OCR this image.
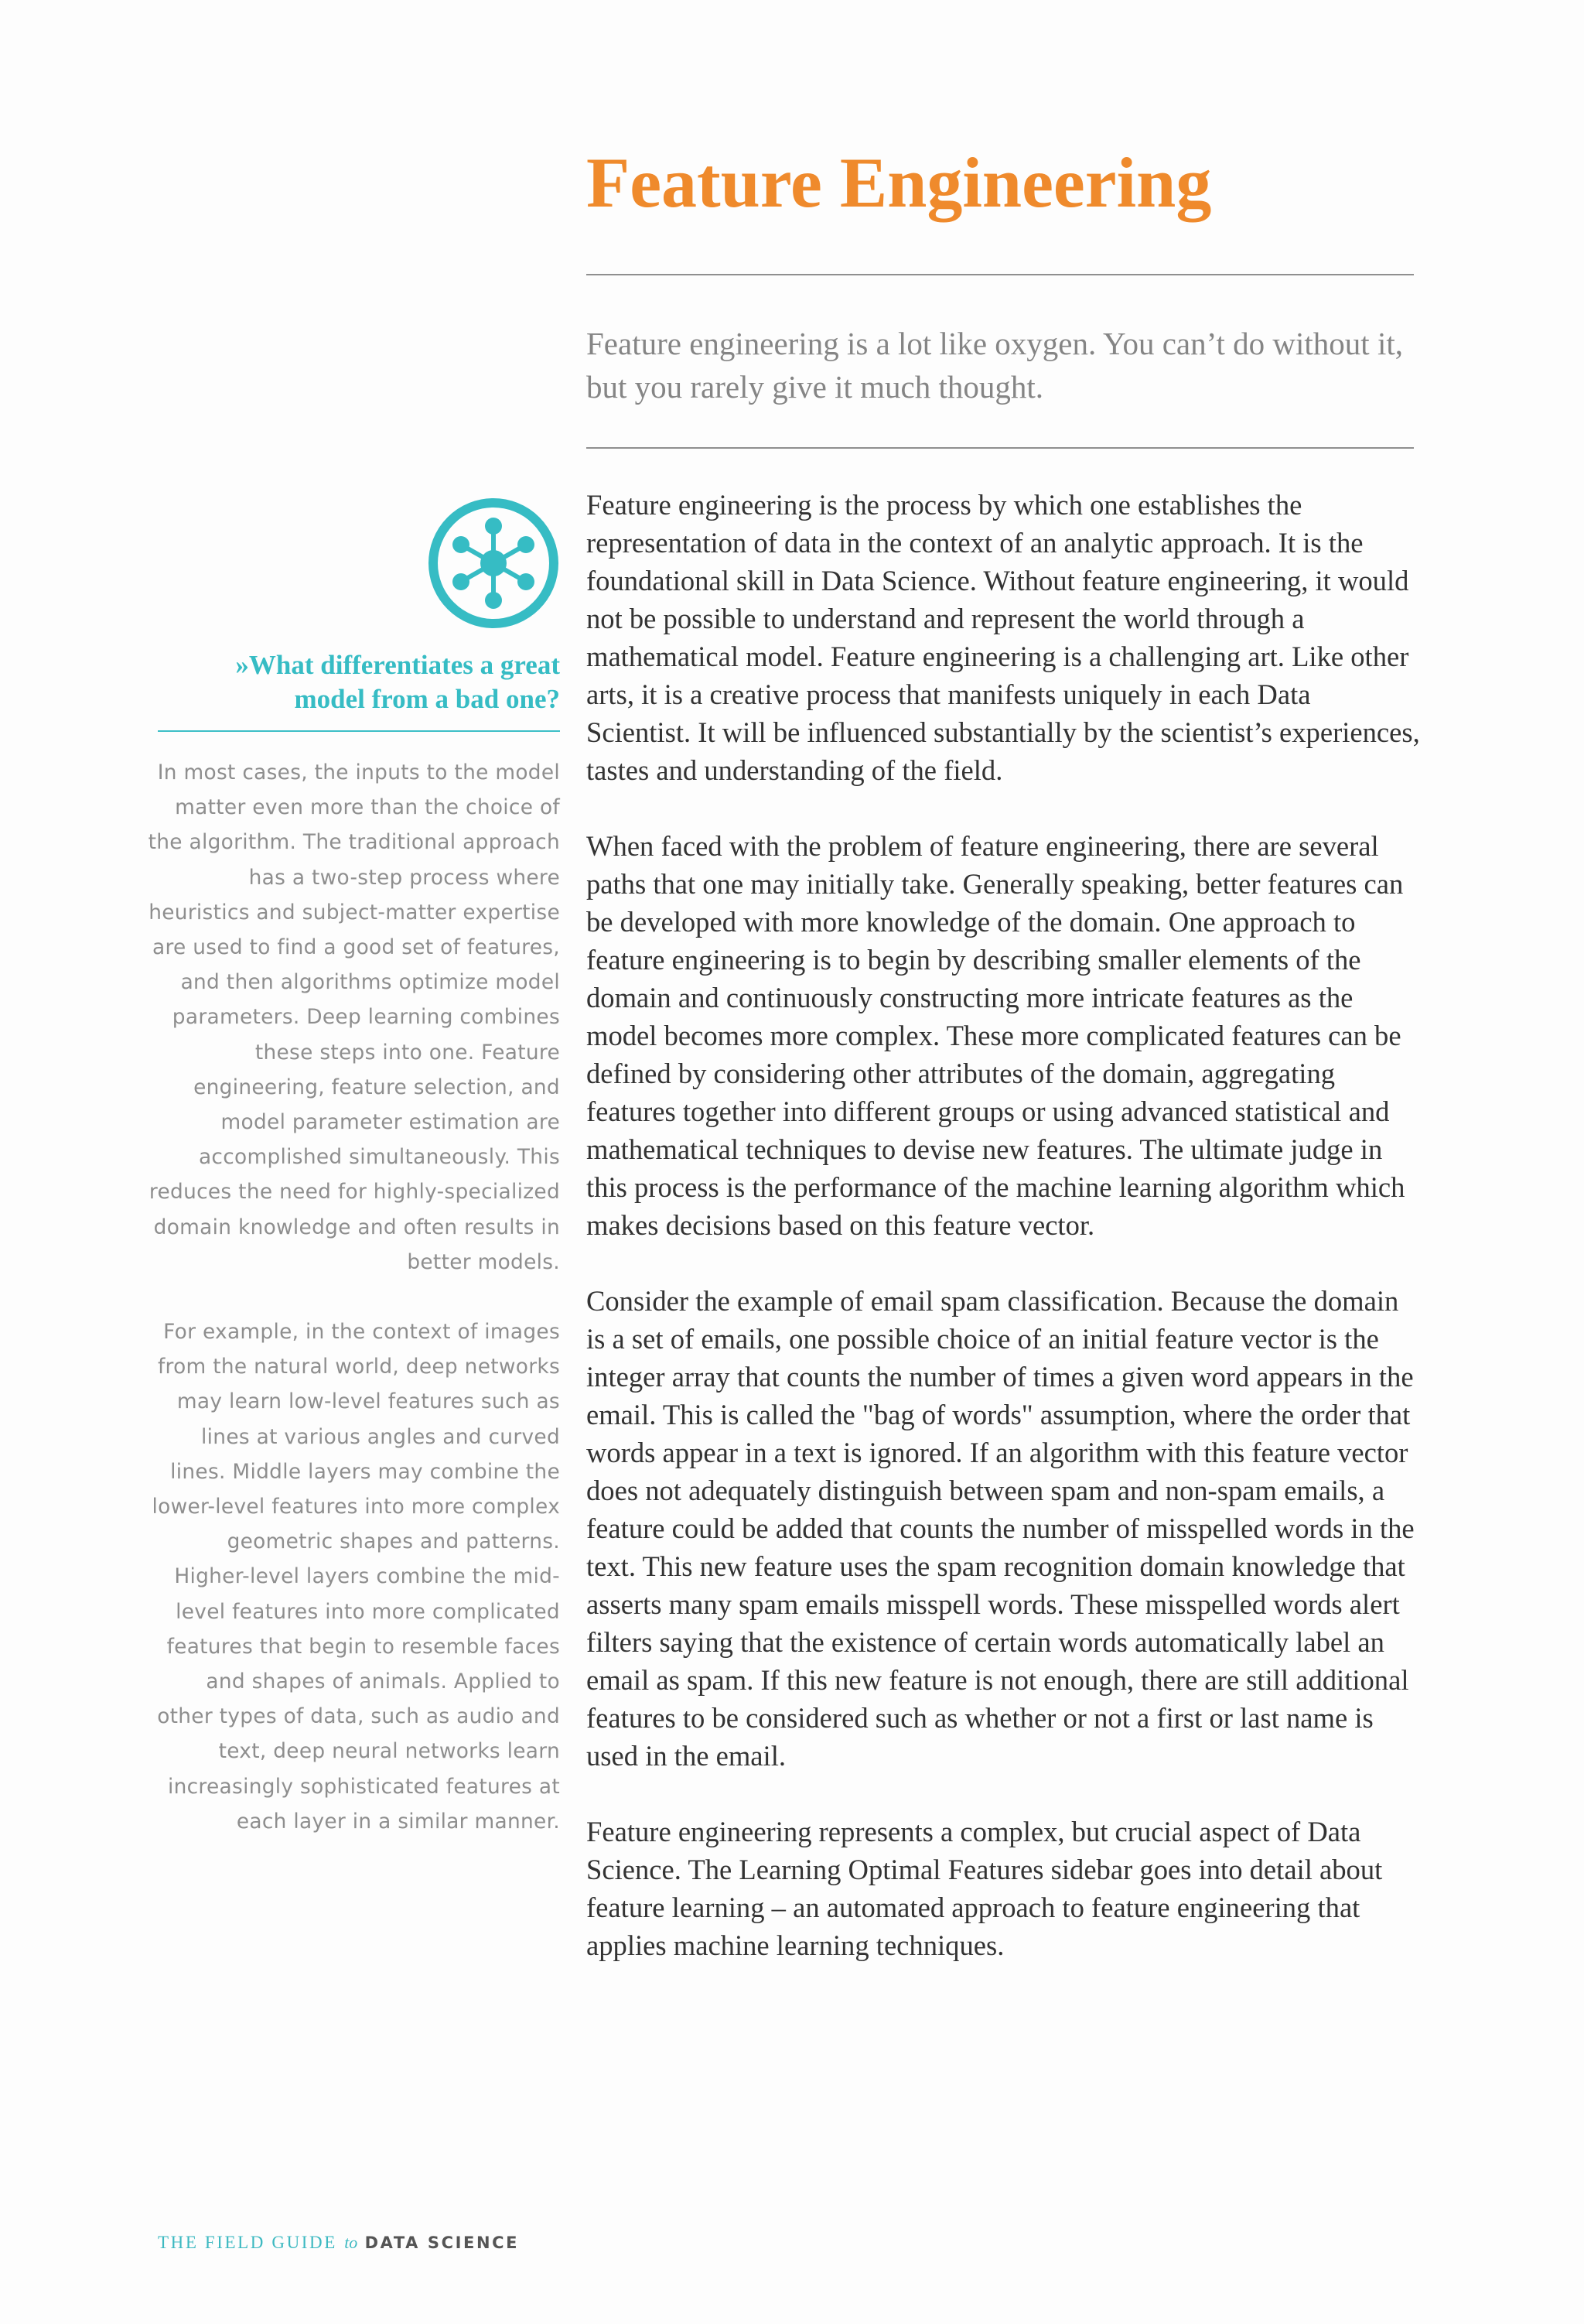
Feature Engineering

Feature engineering is a lot like oxygen. You can’t do without it, but you rarely give it much thought.

»What differentiates a great
model from a bad one?

In most cases, the inputs to the model matter even more than the choice of the algorithm. The traditional approach has a two-step process where heuristics and subject-matter expertise are used to find a good set of features, and then algorithms optimize model parameters. Deep learning combines these steps into one. Feature engineering, feature selection, and model parameter estimation are accomplished simultaneously. This reduces the need for highly-specialized domain knowledge and often results in better models.

For example, in the context of images from the natural world, deep networks may learn low-level features such as lines at various angles and curved lines. Middle layers may combine the lower-level features into more complex geometric shapes and patterns. Higher-level layers combine the mid-level features into more complicated features that begin to resemble faces and shapes of animals. Applied to other types of data, such as audio and text, deep neural networks learn increasingly sophisticated features at each layer in a similar manner.

Feature engineering is the process by which one establishes the representation of data in the context of an analytic approach. It is the foundational skill in Data Science. Without feature engineering, it would not be possible to understand and represent the world through a mathematical model. Feature engineering is a challenging art. Like other arts, it is a creative process that manifests uniquely in each Data Scientist. It will be influenced substantially by the scientist’s experiences, tastes and understanding of the field.

When faced with the problem of feature engineering, there are several paths that one may initially take. Generally speaking, better features can be developed with more knowledge of the domain. One approach to feature engineering is to begin by describing smaller elements of the domain and continuously constructing more intricate features as the model becomes more complex. These more complicated features can be defined by considering other attributes of the domain, aggregating features together into different groups or using advanced statistical and mathematical techniques to devise new features. The ultimate judge in this process is the performance of the machine learning algorithm which makes decisions based on this feature vector.

Consider the example of email spam classification. Because the domain is a set of emails, one possible choice of an initial feature vector is the integer array that counts the number of times a given word appears in the email. This is called the "bag of words" assumption, where the order that words appear in a text is ignored. If an algorithm with this feature vector does not adequately distinguish between spam and non-spam emails, a feature could be added that counts the number of misspelled words in the text. This new feature uses the spam recognition domain knowledge that asserts many spam emails misspell words. These misspelled words alert filters saying that the existence of certain words automatically label an email as spam. If this new feature is not enough, there are still additional features to be considered such as whether or not a first or last name is used in the email.

Feature engineering represents a complex, but crucial aspect of Data Science. The Learning Optimal Features sidebar goes into detail about feature learning – an automated approach to feature engineering that applies machine learning techniques.

THE FIELD GUIDE to DATA SCIENCE
